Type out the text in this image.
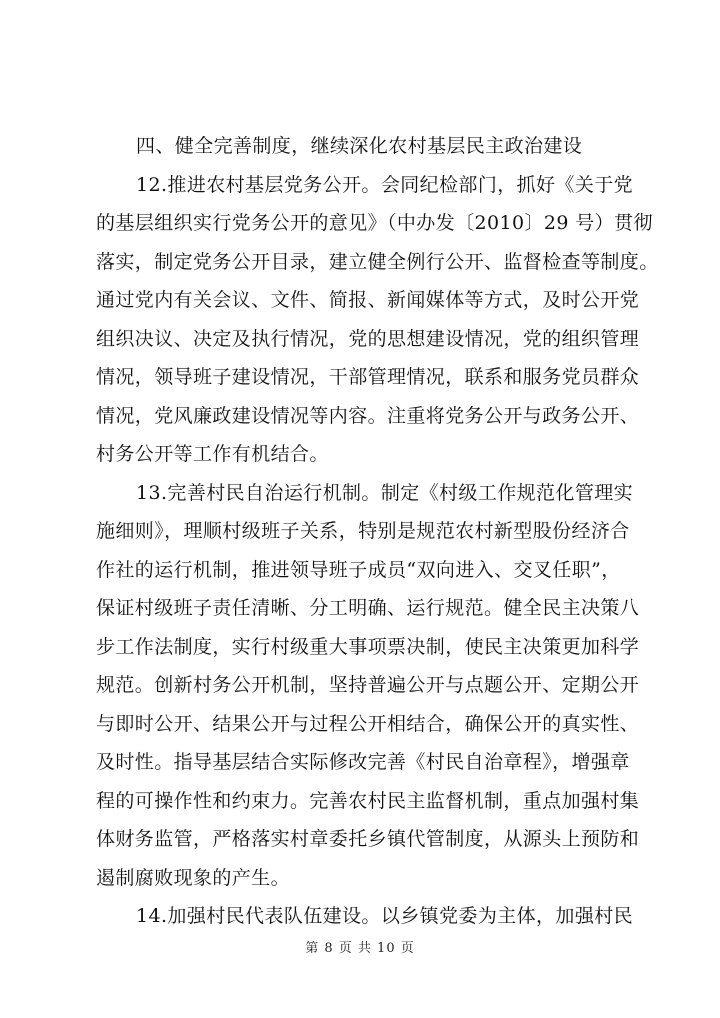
四、健全完善制度，继续深化农村基层民主政治建设
12.推进农村基层党务公开。会同纪检部门，抓好《关于党
的基层组织实行党务公开的意见》（中办发〔2010〕29 号）贯彻
落实，制定党务公开目录，建立健全例行公开、监督检查等制度。
通过党内有关会议、文件、简报、新闻媒体等方式，及时公开党
组织决议、决定及执行情况，党的思想建设情况，党的组织管理
情况，领导班子建设情况，干部管理情况，联系和服务党员群众
情况，党风廉政建设情况等内容。注重将党务公开与政务公开、
村务公开等工作有机结合。
13.完善村民自治运行机制。制定《村级工作规范化管理实
施细则》，理顺村级班子关系，特别是规范农村新型股份经济合
作社的运行机制，推进领导班子成员“双向进入、交叉任职”，
保证村级班子责任清晰、分工明确、运行规范。健全民主决策八
步工作法制度，实行村级重大事项票决制，使民主决策更加科学
规范。创新村务公开机制，坚持普遍公开与点题公开、定期公开
与即时公开、结果公开与过程公开相结合，确保公开的真实性、
及时性。指导基层结合实际修改完善《村民自治章程》，增强章
程的可操作性和约束力。完善农村民主监督机制，重点加强村集
体财务监管，严格落实村章委托乡镇代管制度，从源头上预防和
遏制腐败现象的产生。
14.加强村民代表队伍建设。以乡镇党委为主体，加强村民
第 8 页 共 10 页
